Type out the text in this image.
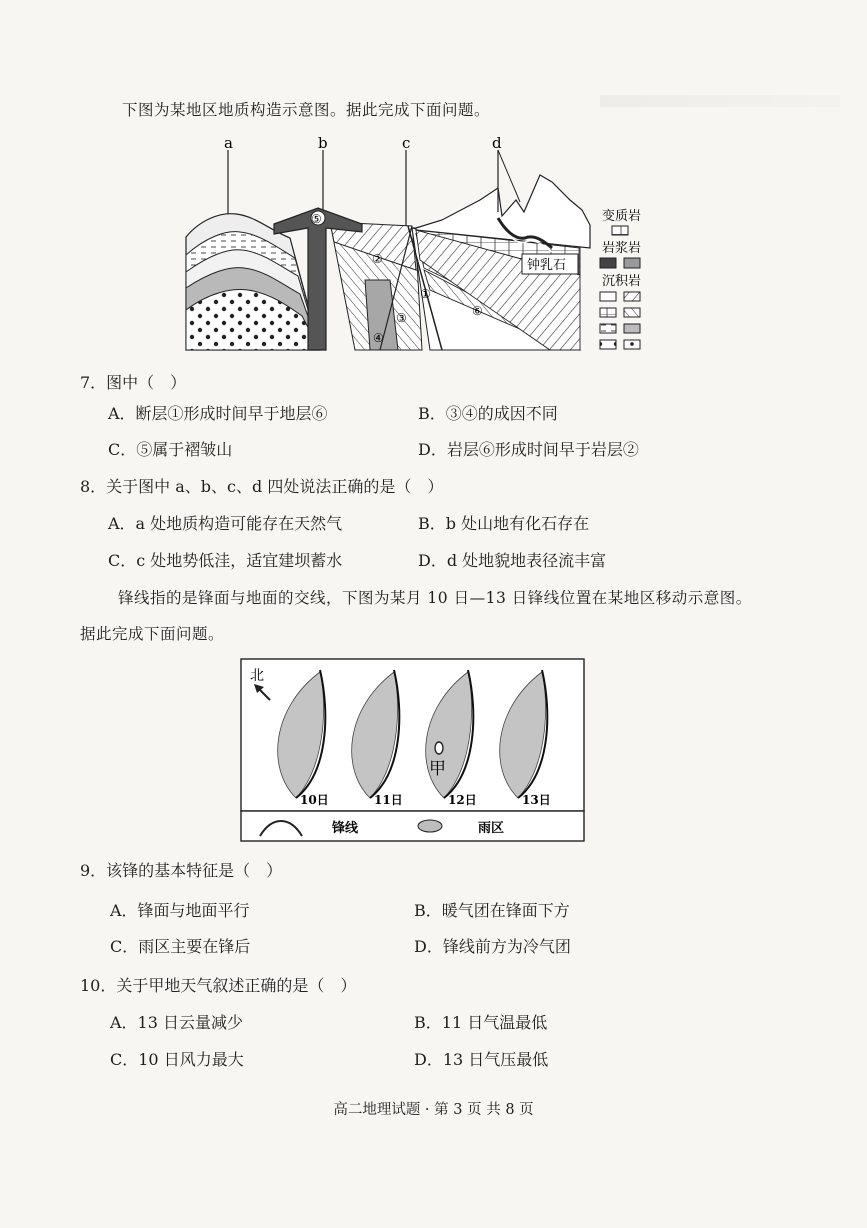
下图为某地区地质构造示意图。据此完成下面问题。
a	b	c	d
⑤
②
①
③
④
⑥
钟乳石
变质岩
岩浆岩
沉积岩
7．图中（　）
A．断层①形成时间早于地层⑥	B．③④的成因不同
C．⑤属于褶皱山	D．岩层⑥形成时间早于岩层②
8．关于图中 a、b、c、d 四处说法正确的是（　）
A．a 处地质构造可能存在天然气	B．b 处山地有化石存在
C．c 处地势低洼，适宜建坝蓄水	D．d 处地貌地表径流丰富
锋线指的是锋面与地面的交线，下图为某月 10 日—13 日锋线位置在某地区移动示意图。
据此完成下面问题。
北
甲
10日	11日	12日	13日
锋线	雨区
9．该锋的基本特征是（　）
A．锋面与地面平行	B．暖气团在锋面下方
C．雨区主要在锋后	D．锋线前方为冷气团
10．关于甲地天气叙述正确的是（　）
A．13 日云量减少	B．11 日气温最低
C．10 日风力最大	D．13 日气压最低
高二地理试题 · 第 3 页 共 8 页
